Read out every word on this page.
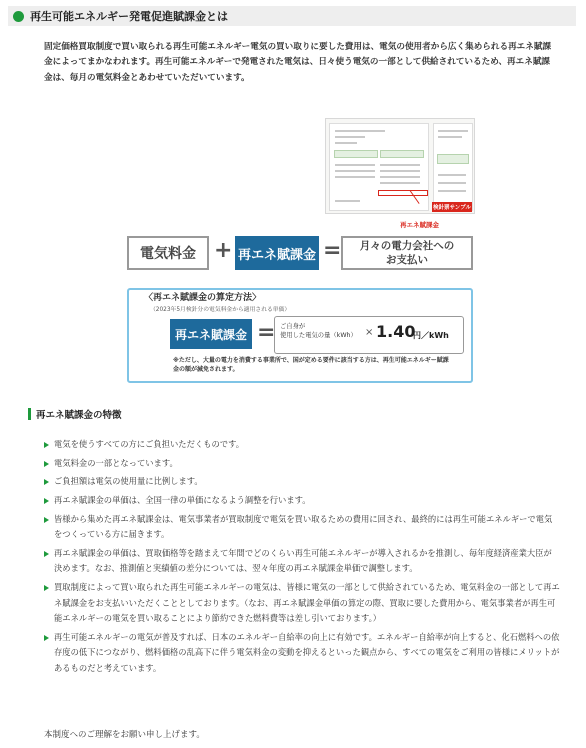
再生可能エネルギー発電促進賦課金とは

固定価格買取制度で買い取られる再生可能エネルギー電気の買い取りに要した費用は、電気の使用者から広く集められる再エネ賦課金によってまかなわれます。再生可能エネルギーで発電された電気は、日々使う電気の一部として供給されているため、再エネ賦課金は、毎月の電気料金とあわせていただいています。

検針票サンプル
再エネ賦課金
電気料金 + 再エネ賦課金 =	月々の電力会社への
お支払い
〈再エネ賦課金の算定方法〉
（2023年5月検針分の電気料金から適用される単価）
再エネ賦課金 = ご自身が
使用した電気の量（kWh） × 1.40
円／kWh
※ただし、大量の電力を消費する事業所で、国が定める要件に該当する方は、再生可能エネルギー賦課金の額が減免されます。
再エネ賦課金の特徴
電気を使うすべての方にご負担いただくものです。
電気料金の一部となっています。
ご負担額は電気の使用量に比例します。
再エネ賦課金の単価は、全国一律の単価になるよう調整を行います。
皆様から集めた再エネ賦課金は、電気事業者が買取制度で電気を買い取るための費用に回され、最終的には再生可能エネルギーで電気をつくっている方に届きます。
再エネ賦課金の単価は、買取価格等を踏まえて年間でどのくらい再生可能エネルギーが導入されるかを推測し、毎年度経済産業大臣が決めます。なお、推測値と実績値の差分については、翌々年度の再エネ賦課金単価で調整します。
買取制度によって買い取られた再生可能エネルギーの電気は、皆様に電気の一部として供給されているため、電気料金の一部として再エネ賦課金をお支払いいただくこととしております。（なお、再エネ賦課金単価の算定の際、買取に要した費用から、電気事業者が再生可能エネルギーの電気を買い取ることにより節約できた燃料費等は差し引いております。）
再生可能エネルギーの電気が普及すれば、日本のエネルギー自給率の向上に有効です。エネルギー自給率が向上すると、化石燃料への依存度の低下につながり、燃料価格の乱高下に伴う電気料金の変動を抑えるといった観点から、すべての電気をご利用の皆様にメリットがあるものだと考えています。

本制度へのご理解をお願い申し上げます。
